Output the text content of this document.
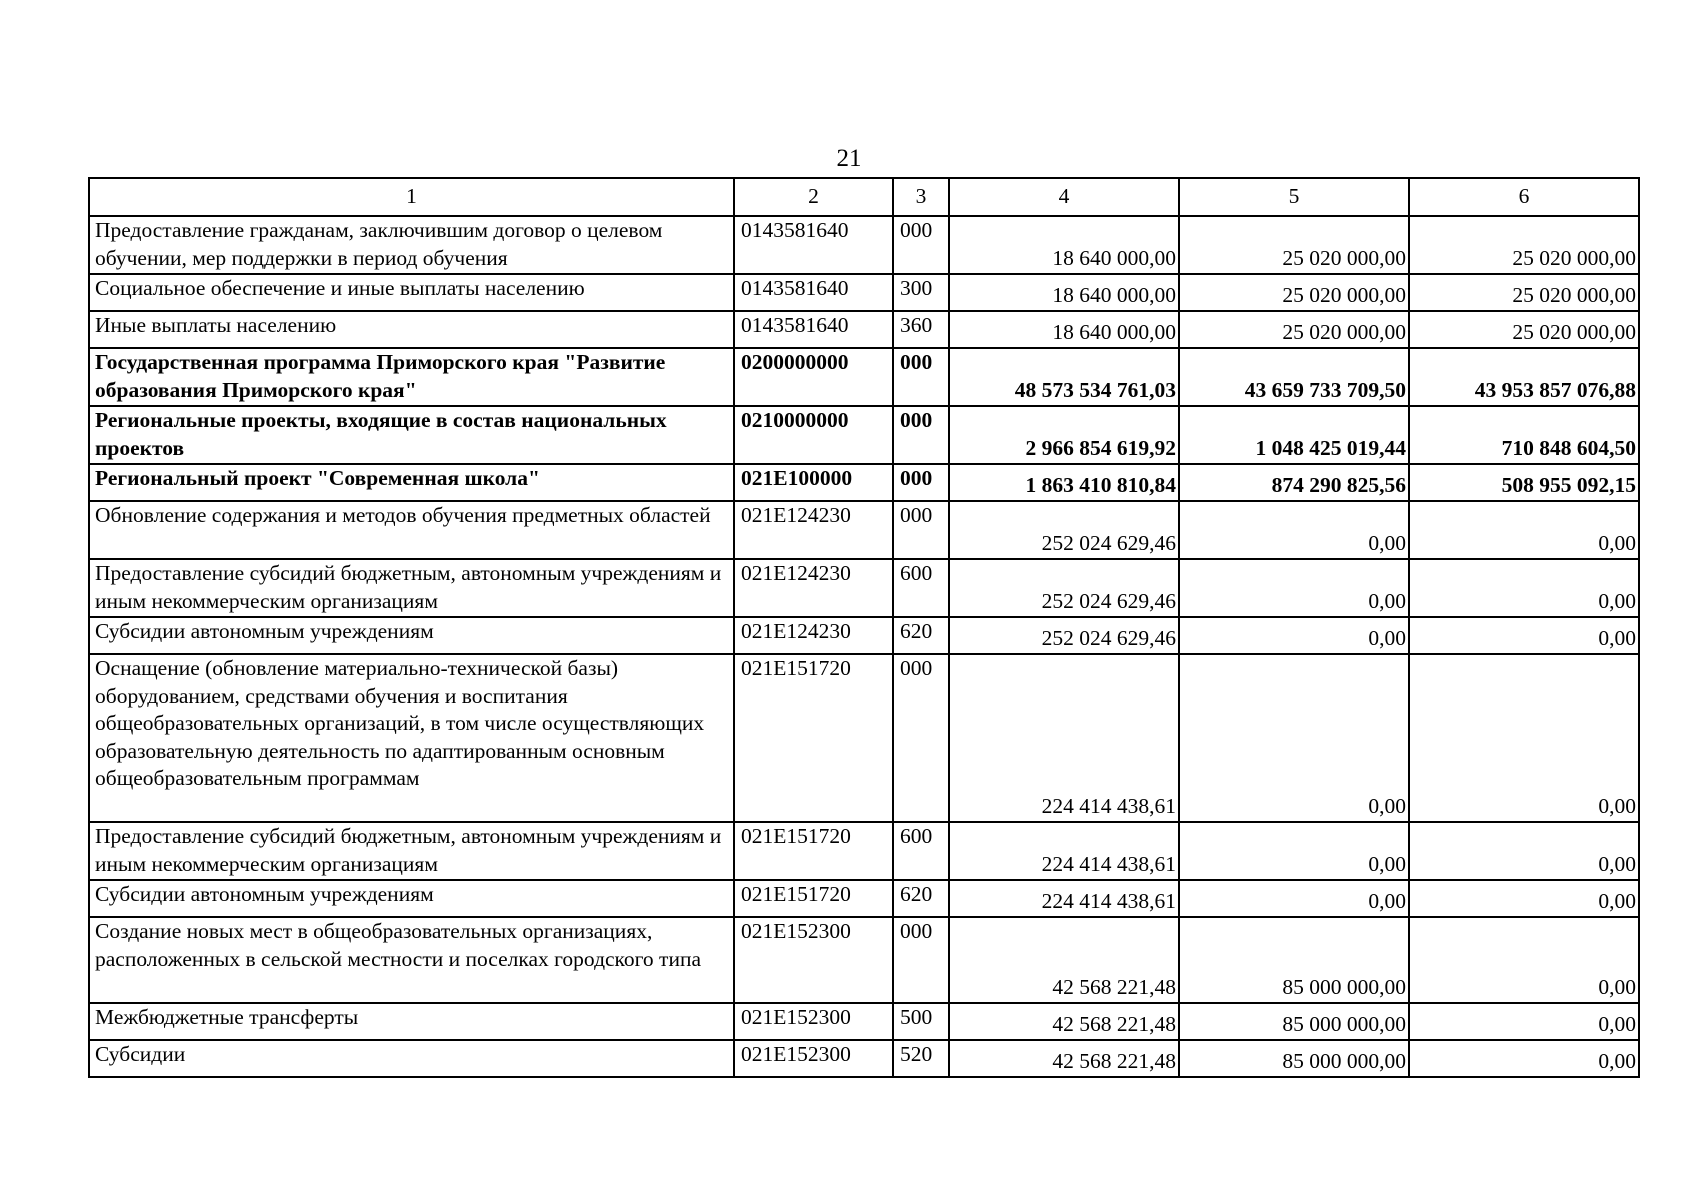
21
1	2	3	4	5	6
Предоставление гражданам, заключившим договор о целевом обучении, мер поддержки в период обучения	0143581640	000	18 640 000,00	25 020 000,00	25 020 000,00
Социальное обеспечение и иные выплаты населению	0143581640	300	18 640 000,00	25 020 000,00	25 020 000,00
Иные выплаты населению	0143581640	360	18 640 000,00	25 020 000,00	25 020 000,00
Государственная программа Приморского края "Развитие образования Приморского края"	0200000000	000	48 573 534 761,03	43 659 733 709,50	43 953 857 076,88
Региональные проекты, входящие в состав национальных проектов	0210000000	000	2 966 854 619,92	1 048 425 019,44	710 848 604,50
Региональный проект "Современная школа"	021E100000	000	1 863 410 810,84	874 290 825,56	508 955 092,15
Обновление содержания и методов обучения предметных областей	021E124230	000	252 024 629,46	0,00	0,00
Предоставление субсидий бюджетным, автономным учреждениям и иным некоммерческим организациям	021E124230	600	252 024 629,46	0,00	0,00
Субсидии автономным учреждениям	021E124230	620	252 024 629,46	0,00	0,00
Оснащение (обновление материально-технической базы) оборудованием, средствами обучения и воспитания общеобразовательных организаций, в том числе осуществляющих образовательную деятельность по адаптированным основным общеобразовательным программам	021E151720	000	224 414 438,61	0,00	0,00
Предоставление субсидий бюджетным, автономным учреждениям и иным некоммерческим организациям	021E151720	600	224 414 438,61	0,00	0,00
Субсидии автономным учреждениям	021E151720	620	224 414 438,61	0,00	0,00
Создание новых мест в общеобразовательных организациях, расположенных в сельской местности и поселках городского типа	021E152300	000	42 568 221,48	85 000 000,00	0,00
Межбюджетные трансферты	021E152300	500	42 568 221,48	85 000 000,00	0,00
Субсидии	021E152300	520	42 568 221,48	85 000 000,00	0,00
